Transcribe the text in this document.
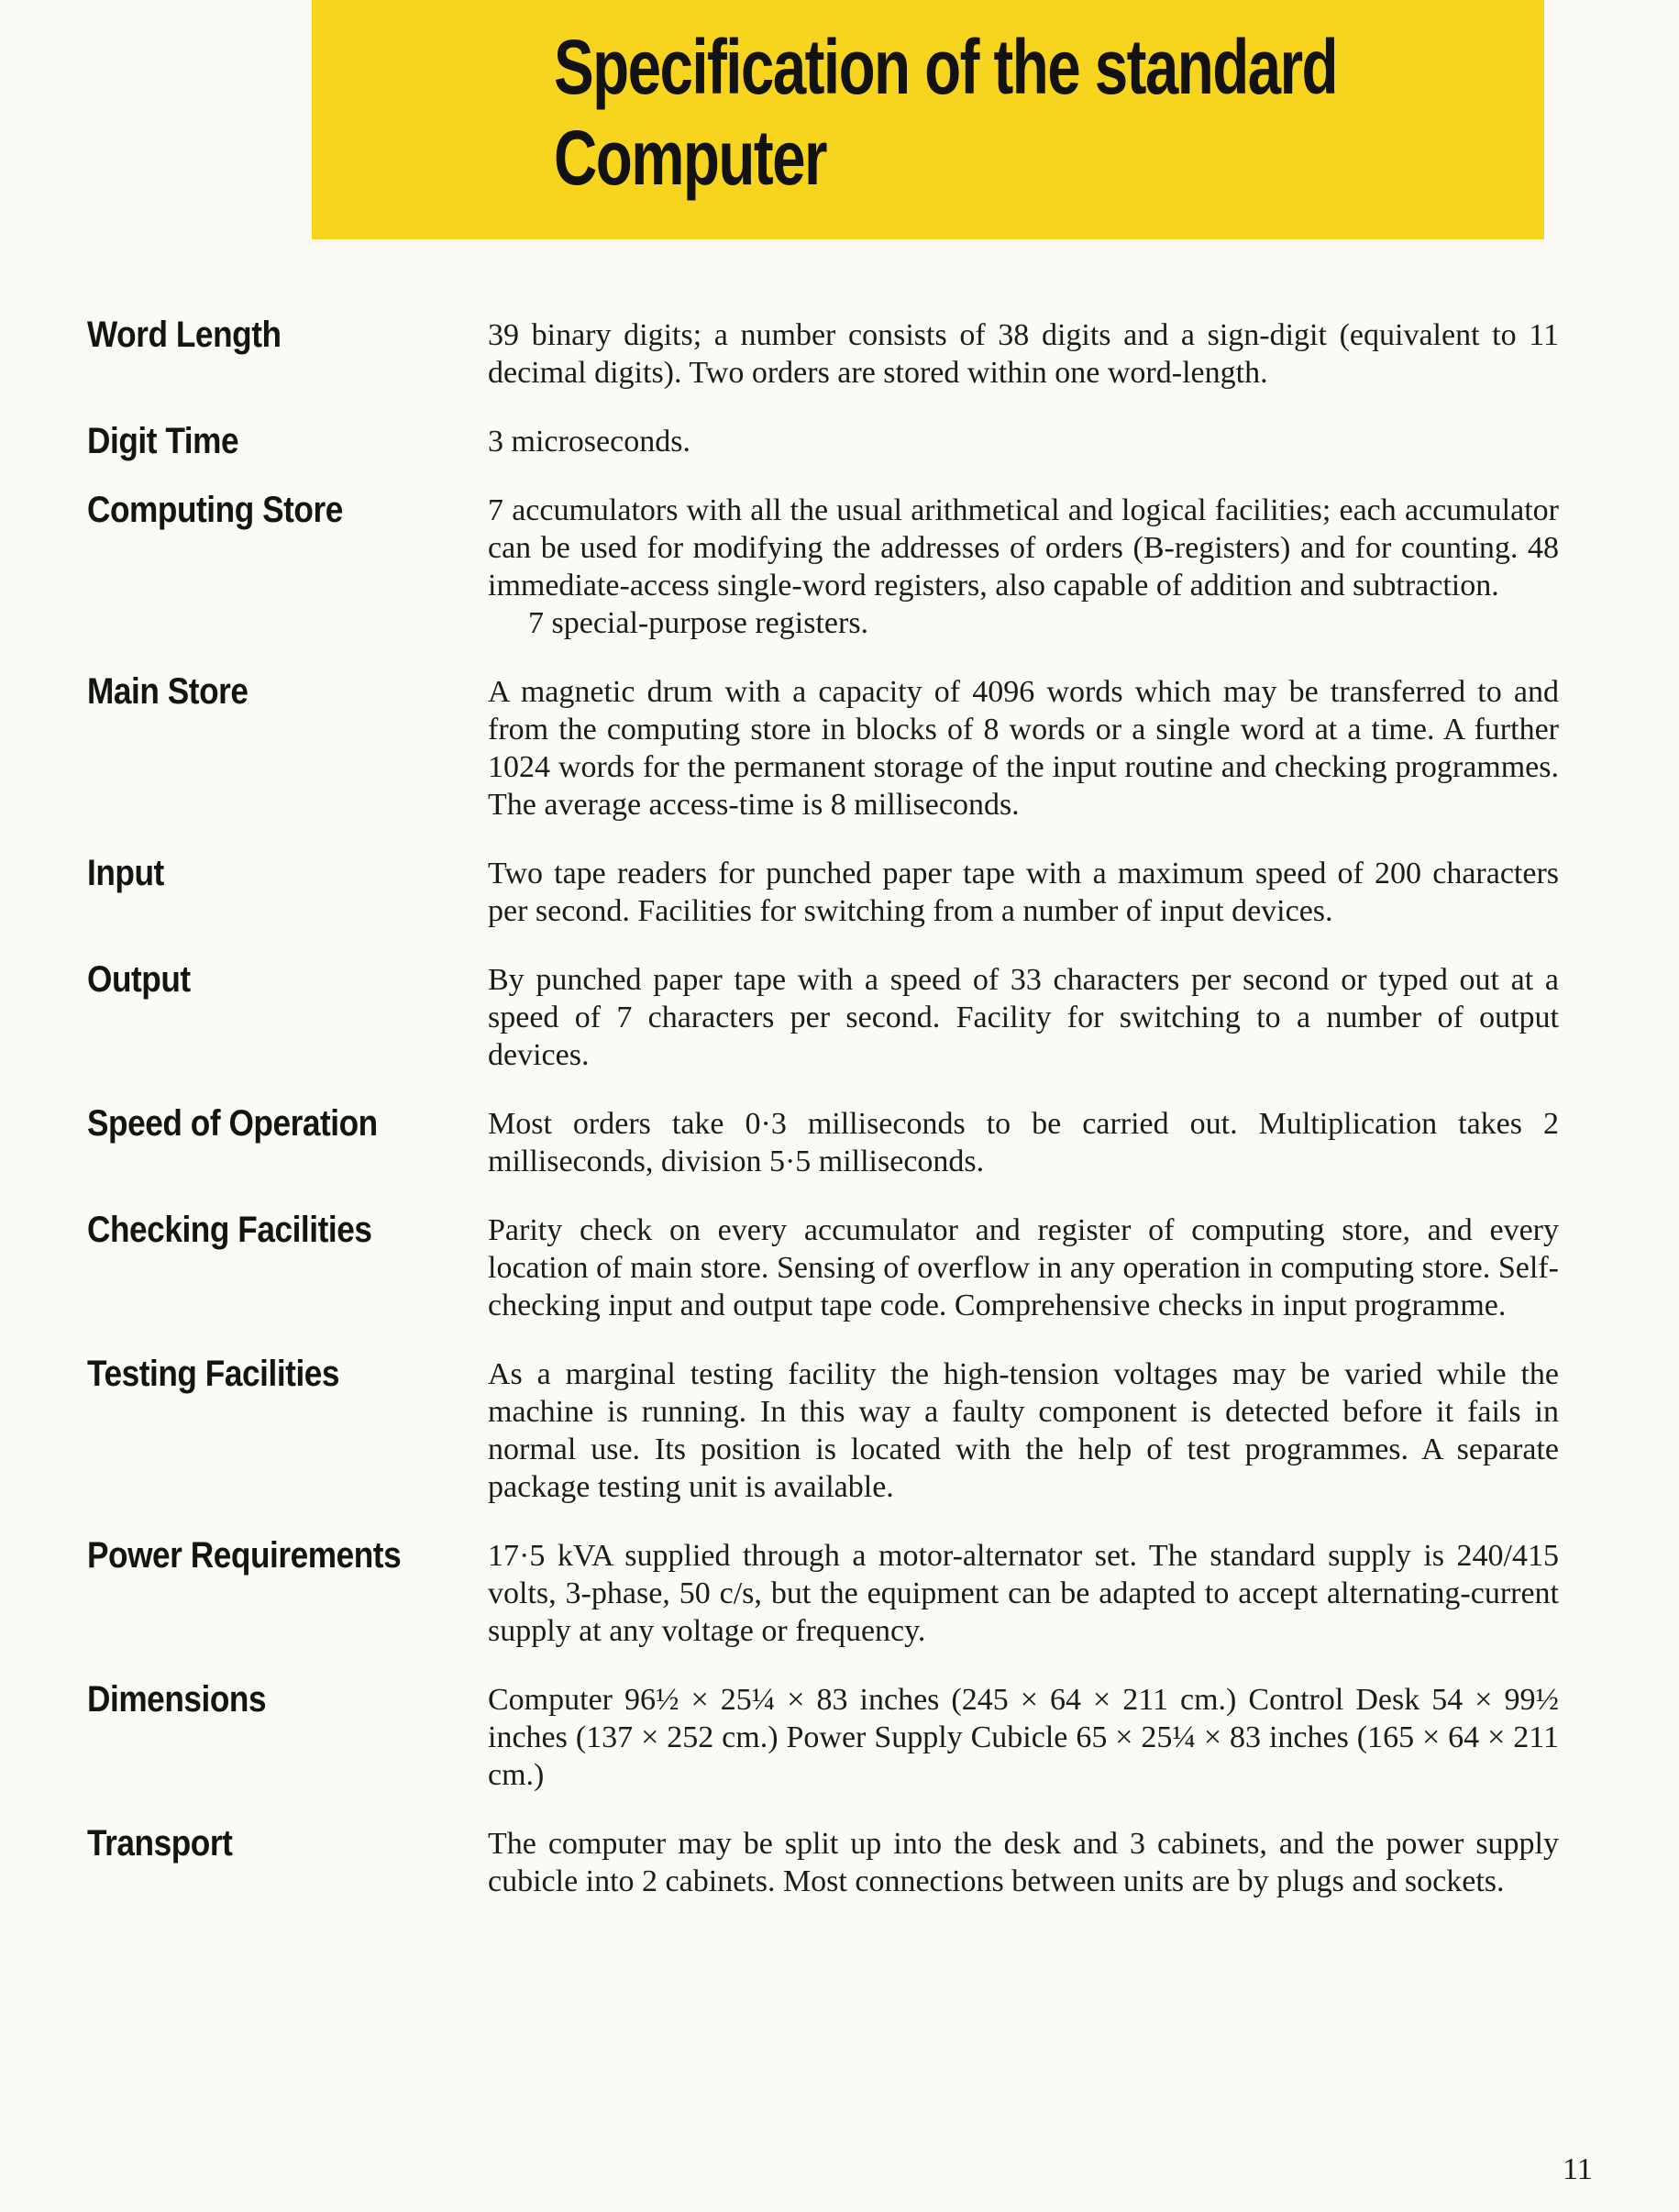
Specification of the standard
Computer
Word Length	39 binary digits; a number consists of 38 digits and a sign-digit (equivalent to 11 decimal digits). Two orders are stored within one word-length.

Digit Time	3 microseconds.

Computing Store	7 accumulators with all the usual arithmetical and logical facilities; each accumulator can be used for modifying the addresses of orders (B-registers) and for counting. 48 immediate-access single-word registers, also capable of addition and subtraction.

7 special-purpose registers.

Main Store	A magnetic drum with a capacity of 4096 words which may be transferred to and from the computing store in blocks of 8 words or a single word at a time. A further 1024 words for the permanent storage of the input routine and checking programmes. The average access-time is 8 milliseconds.

Input	Two tape readers for punched paper tape with a maximum speed of 200 characters per second. Facilities for switching from a number of input devices.

Output	By punched paper tape with a speed of 33 characters per second or typed out at a speed of 7 characters per second. Facility for switching to a number of output devices.

Speed of Operation	Most orders take 0·3 milliseconds to be carried out. Multiplication takes 2 milliseconds, division 5·5 milliseconds.

Checking Facilities	Parity check on every accumulator and register of computing store, and every location of main store. Sensing of overflow in any operation in computing store. Self-checking input and output tape code. Comprehensive checks in input programme.

Testing Facilities	As a marginal testing facility the high-tension voltages may be varied while the machine is running. In this way a faulty component is detected before it fails in normal use. Its position is located with the help of test programmes. A separate package testing unit is available.

Power Requirements	17·5 kVA supplied through a motor-alternator set. The standard supply is 240/415 volts, 3-phase, 50 c/s, but the equipment can be adapted to accept alternating-current supply at any voltage or frequency.

Dimensions	Computer 96½ × 25¼ × 83 inches (245 × 64 × 211 cm.) Control Desk 54 × 99½ inches (137 × 252 cm.) Power Supply Cubicle 65 × 25¼ × 83 inches (165 × 64 × 211 cm.)

Transport	The computer may be split up into the desk and 3 cabinets, and the power supply cubicle into 2 cabinets. Most connections between units are by plugs and sockets.

11
